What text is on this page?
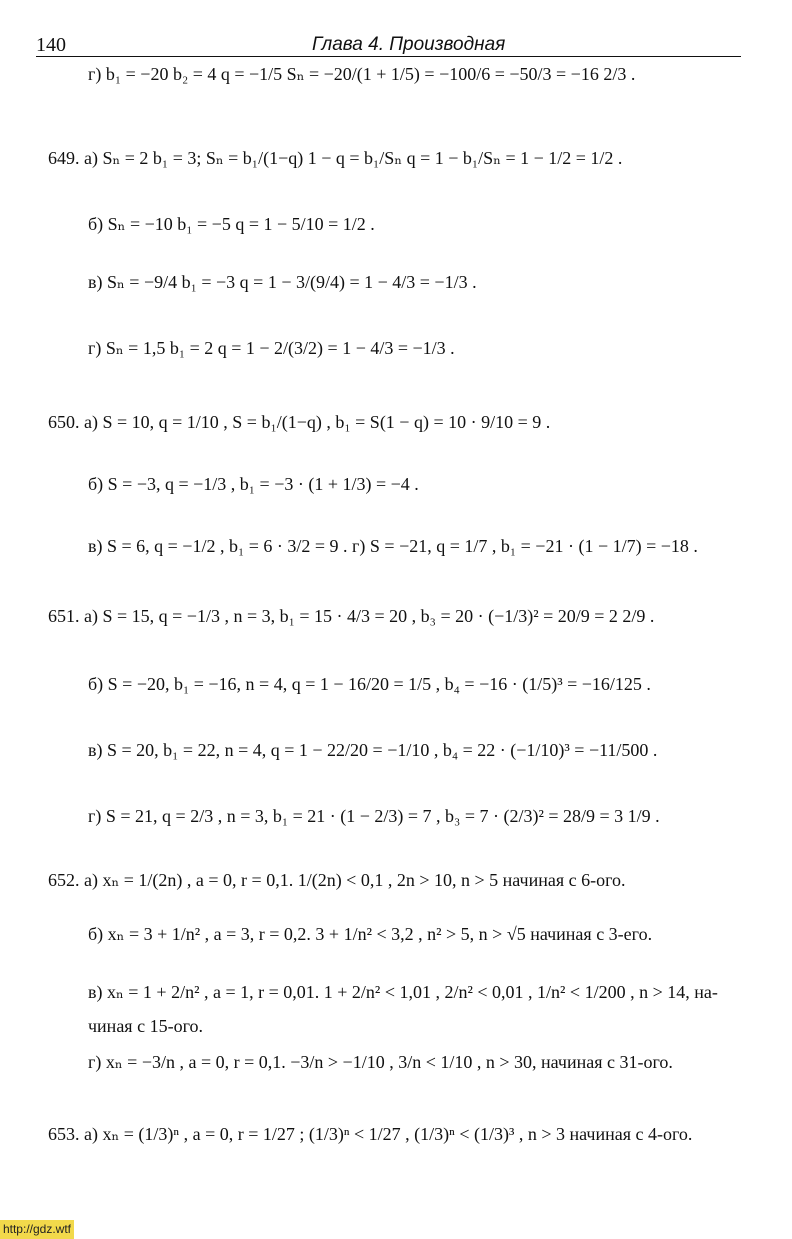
140	Глава 4. Производная
г) b₁ = −20 b₂ = 4 q = −1/5 Sₙ = −20/(1 + 1/5) = −100/6 = −50/3 = −16 2/3 .
649. а) Sₙ = 2 b₁ = 3; Sₙ = b₁/(1−q) 1 − q = b₁/Sₙ q = 1 − b₁/Sₙ = 1 − 1/2 = 1/2 .
б) Sₙ = −10 b₁ = −5 q = 1 − 5/10 = 1/2 .
в) Sₙ = −9/4 b₁ = −3 q = 1 − 3/(9/4) = 1 − 4/3 = −1/3 .
г) Sₙ = 1,5 b₁ = 2 q = 1 − 2/(3/2) = 1 − 4/3 = −1/3 .
650. а) S = 10, q = 1/10 , S = b₁/(1−q) , b₁ = S(1 − q) = 10 · 9/10 = 9 .
б) S = −3, q = −1/3 , b₁ = −3 · (1 + 1/3) = −4 .
в) S = 6, q = −1/2 , b₁ = 6 · 3/2 = 9 . г) S = −21, q = 1/7 , b₁ = −21 · (1 − 1/7) = −18 .
651. а) S = 15, q = −1/3 , n = 3, b₁ = 15 · 4/3 = 20 , b₃ = 20 · (−1/3)² = 20/9 = 2 2/9 .
б) S = −20, b₁ = −16, n = 4, q = 1 − 16/20 = 1/5 , b₄ = −16 · (1/5)³ = −16/125 .
в) S = 20, b₁ = 22, n = 4, q = 1 − 22/20 = −1/10 , b₄ = 22 · (−1/10)³ = −11/500 .
г) S = 21, q = 2/3 , n = 3, b₁ = 21 · (1 − 2/3) = 7 , b₃ = 7 · (2/3)² = 28/9 = 3 1/9 .
652. а) xₙ = 1/(2n) , a = 0, r = 0,1. 1/(2n) < 0,1 , 2n > 10, n > 5 начиная с 6-ого.
б) xₙ = 3 + 1/n² , a = 3, r = 0,2. 3 + 1/n² < 3,2 , n² > 5, n > √5 начиная с 3-его.
в) xₙ = 1 + 2/n² , a = 1, r = 0,01. 1 + 2/n² < 1,01 , 2/n² < 0,01 , 1/n² < 1/200 , n > 14, на-
чиная с 15-ого.
г) xₙ = −3/n , a = 0, r = 0,1. −3/n > −1/10 , 3/n < 1/10 , n > 30, начиная с 31-ого.
653. а) xₙ = (1/3)ⁿ , a = 0, r = 1/27 ; (1/3)ⁿ < 1/27 , (1/3)ⁿ < (1/3)³ , n > 3 начиная с 4-ого.
http://gdz.wtf
